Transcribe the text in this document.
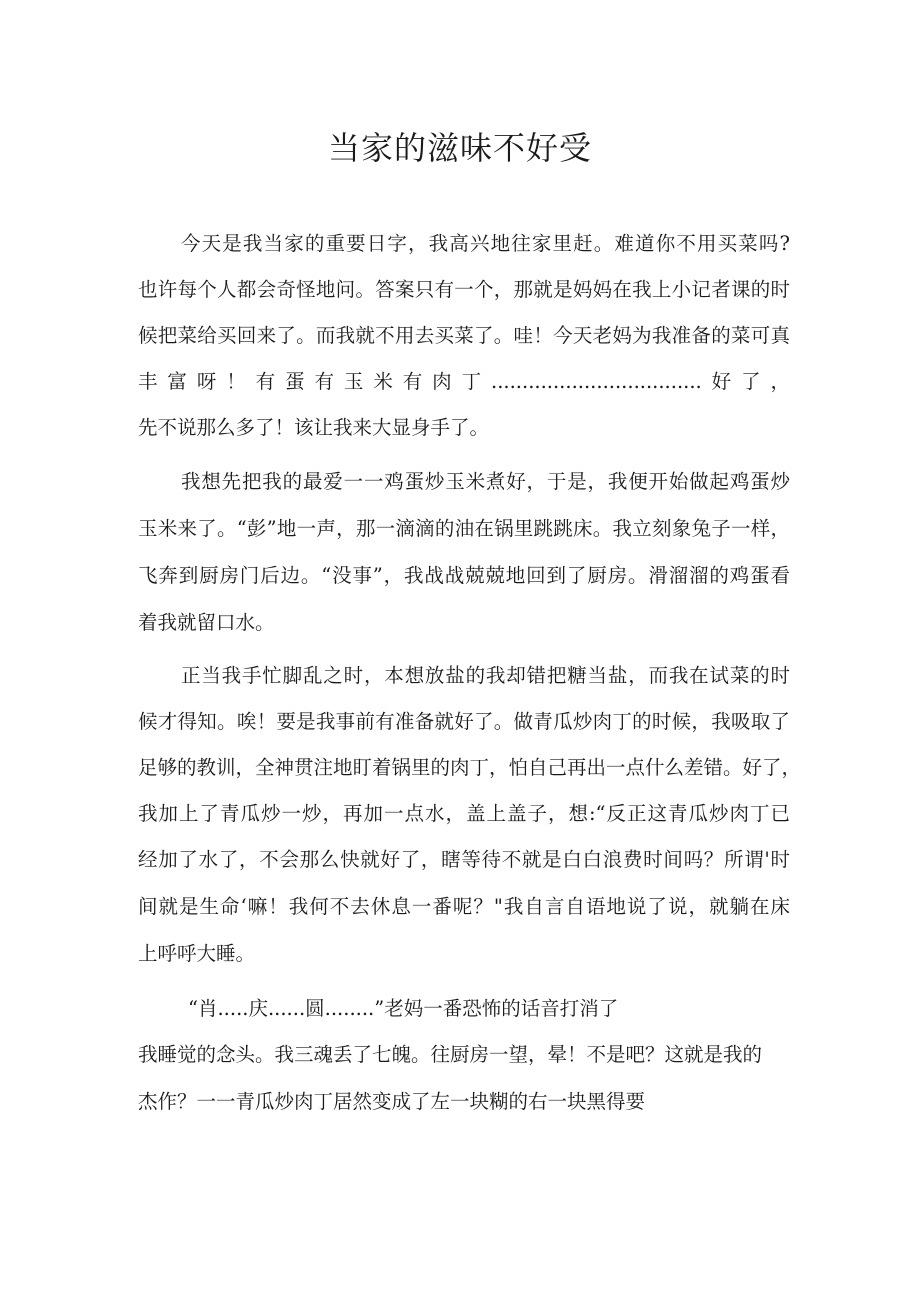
当家的滋味不好受
今天是我当家的重要日字，我高兴地往家里赶。难道你不用买菜吗?
也许每个人都会奇怪地问。答案只有一个，那就是妈妈在我上小记者课的时
候把菜给买回来了。而我就不用去买菜了。哇！今天老妈为我准备的菜可真
丰富呀！有蛋有玉米有肉丁..................................好了，
先不说那么多了！该让我来大显身手了。
我想先把我的最爱一一鸡蛋炒玉米煮好，于是，我便开始做起鸡蛋炒
玉米来了。“彭”地一声，那一滴滴的油在锅里跳跳床。我立刻象兔子一样，
飞奔到厨房门后边。“没事”，我战战兢兢地回到了厨房。滑溜溜的鸡蛋看
着我就留口水。
正当我手忙脚乱之时，本想放盐的我却错把糖当盐，而我在试菜的时
候才得知。唉！要是我事前有准备就好了。做青瓜炒肉丁的时候，我吸取了
足够的教训，全神贯注地盯着锅里的肉丁，怕自己再出一点什么差错。好了，
我加上了青瓜炒一炒，再加一点水，盖上盖子，想:“反正这青瓜炒肉丁已
经加了水了，不会那么快就好了，瞎等待不就是白白浪费时间吗？所谓'时
间就是生命‘嘛！我何不去休息一番呢？"我自言自语地说了说，就躺在床
上呼呼大睡。
“肖.....庆......圆........”老妈一番恐怖的话音打消了
我睡觉的念头。我三魂丢了七魄。往厨房一望，晕！不是吧？这就是我的
杰作？一一青瓜炒肉丁居然变成了左一块糊的右一块黑得要
